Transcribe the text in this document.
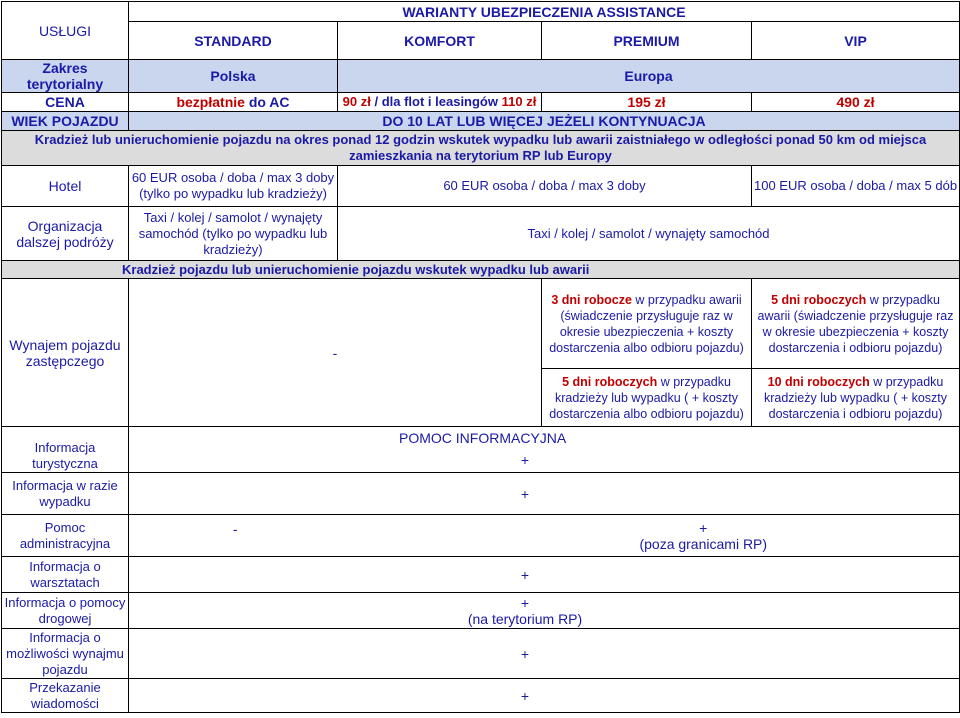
USŁUGI	WARIANTY UBEZPIECZENIA ASSISTANCE			
	STANDARD	KOMFORT	PREMIUM	VIP
Zakres terytorialny	Polska	Europa		
CENA	bezpłatnie do AC	90 zł / dla flot i leasingów 110 zł	195 zł	490 zł
WIEK POJAZDU	DO 10 LAT LUB WIĘCEJ JEŻELI KONTYNUACJA			
Kradzież lub unieruchomienie pojazdu na okres ponad 12 godzin wskutek wypadku lub awarii zaistniałego w odległości ponad 50 km od miejsca zamieszkania na terytorium RP lub Europy				
Hotel	60 EUR osoba / doba / max 3 doby (tylko po wypadku lub kradzieży)	60 EUR osoba / doba / max 3 doby		100 EUR osoba / doba / max 5 dób
Organizacja dalszej podróży	Taxi / kolej / samolot / wynajęty samochód (tylko po wypadku lub kradzieży)	Taxi / kolej / samolot / wynajęty samochód		
Kradzież pojazdu lub unieruchomienie pojazdu wskutek wypadku lub awarii				
Wynajem pojazdu zastępczego	-		3 dni robocze w przypadku awarii (świadczenie przysługuje raz w okresie ubezpieczenia + koszty dostarczenia albo odbioru pojazdu)	5 dni roboczych w przypadku awarii (świadczenie przysługuje raz w okresie ubezpieczenia + koszty dostarczenia i odbioru pojazdu)
			5 dni roboczych w przypadku kradzieży lub wypadku ( + koszty dostarczenia albo odbioru pojazdu)	10 dni roboczych w przypadku kradzieży lub wypadku ( + koszty dostarczenia i odbioru pojazdu)
Informacja turystyczna	POMOC INFORMACYJNA			
	+			
Informacja w razie wypadku	+			
Pomoc administracyjna	-	+
(poza granicami RP)		

Informacja o warsztatach	+			
Informacja o pomocy drogowej	+
(na terytorium RP)			

Informacja o możliwości wynajmu pojazdu	+			
Przekazanie wiadomości	+			
